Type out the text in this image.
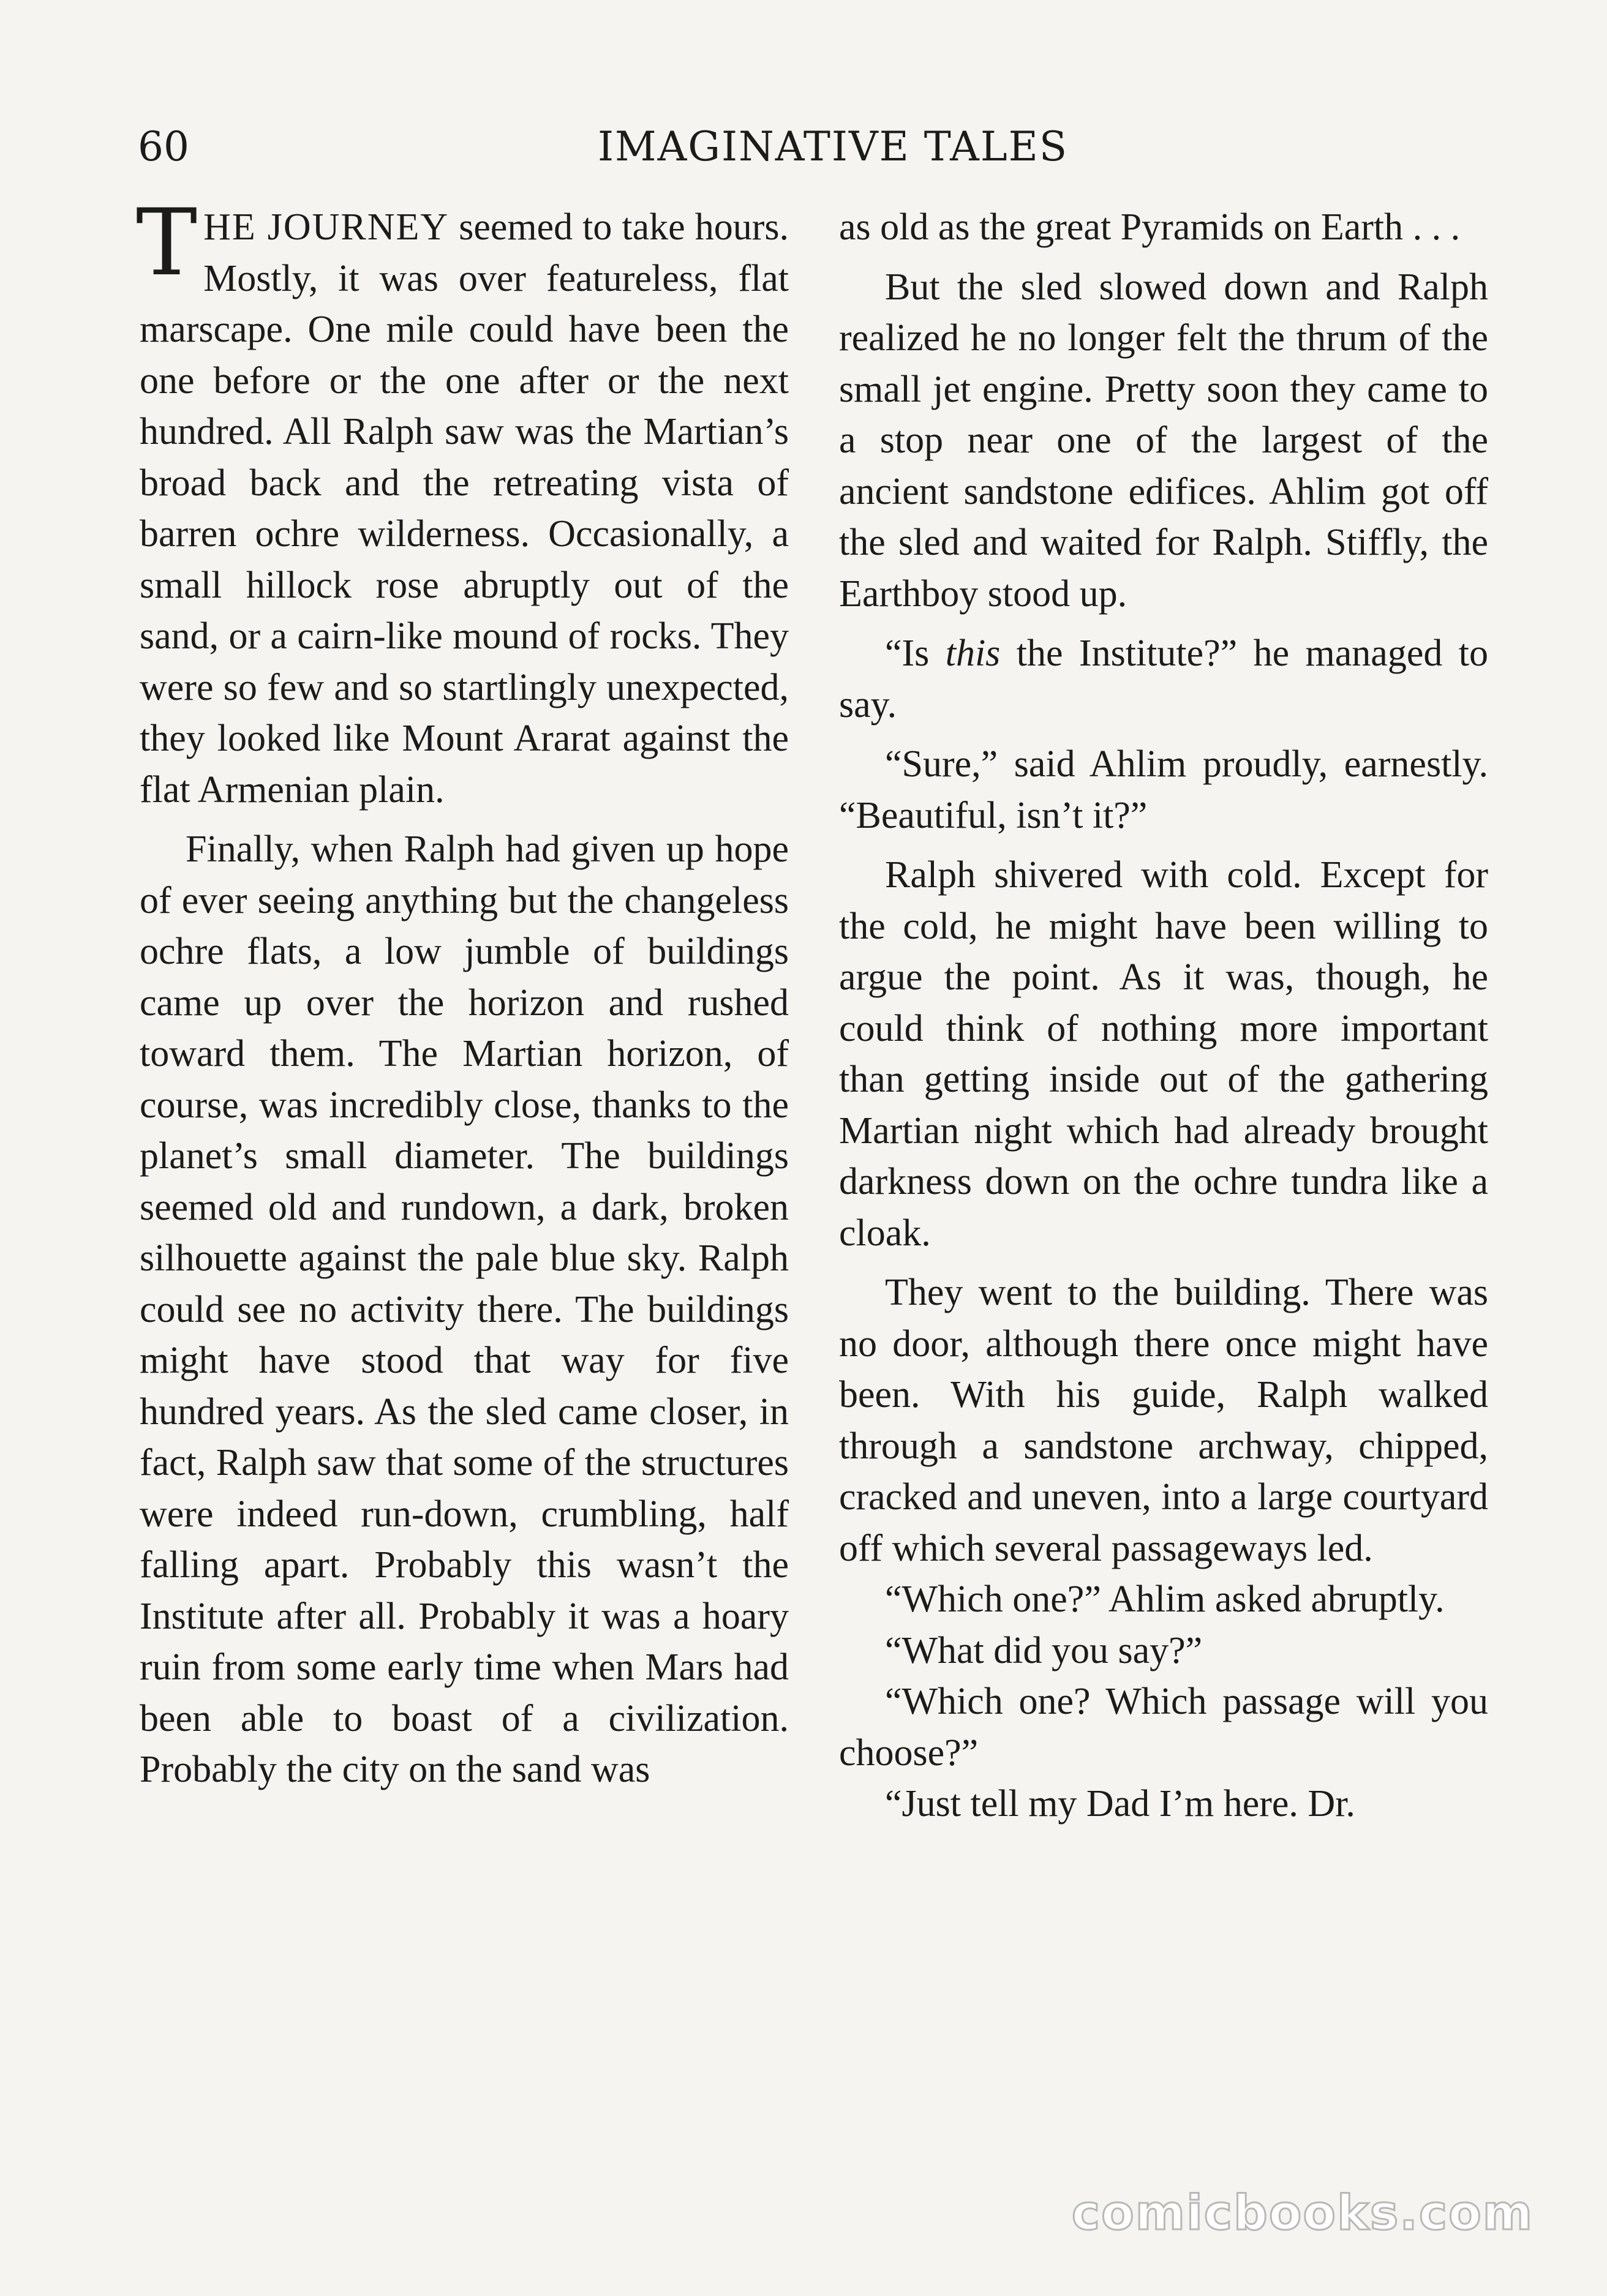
60	IMAGINATIVE TALES

THE JOURNEY seemed to take hours. Mostly, it was over featureless, flat marscape. One mile could have been the one before or the one after or the next hundred. All Ralph saw was the Martian’s broad back and the retreating vista of barren ochre wilderness. Occasionally, a small hillock rose abruptly out of the sand, or a cairn-like mound of rocks. They were so few and so startlingly unexpected, they looked like Mount Ararat against the flat Armenian plain.

Finally, when Ralph had given up hope of ever seeing anything but the changeless ochre flats, a low jumble of buildings came up over the horizon and rushed toward them. The Martian horizon, of course, was incredibly close, thanks to the planet’s small diameter. The buildings seemed old and rundown, a dark, broken silhouette against the pale blue sky. Ralph could see no activity there. The buildings might have stood that way for five hundred years. As the sled came closer, in fact, Ralph saw that some of the structures were indeed run-down, crumbling, half falling apart. Probably this wasn’t the Institute after all. Probably it was a hoary ruin from some early time when Mars had been able to boast of a civilization. Probably the city on the sand was

as old as the great Pyramids on Earth . . .

But the sled slowed down and Ralph realized he no longer felt the thrum of the small jet engine. Pretty soon they came to a stop near one of the largest of the ancient sandstone edifices. Ahlim got off the sled and waited for Ralph. Stiffly, the Earthboy stood up.

“Is this the Institute?” he managed to say.

“Sure,” said Ahlim proudly, earnestly. “Beautiful, isn’t it?”

Ralph shivered with cold. Except for the cold, he might have been willing to argue the point. As it was, though, he could think of nothing more important than getting inside out of the gathering Martian night which had already brought darkness down on the ochre tundra like a cloak.

They went to the building. There was no door, although there once might have been. With his guide, Ralph walked through a sandstone archway, chipped, cracked and uneven, into a large courtyard off which several passageways led.

“Which one?” Ahlim asked abruptly.

“What did you say?”

“Which one? Which passage will you choose?”

“Just tell my Dad I’m here. Dr.

comicbooks.com
